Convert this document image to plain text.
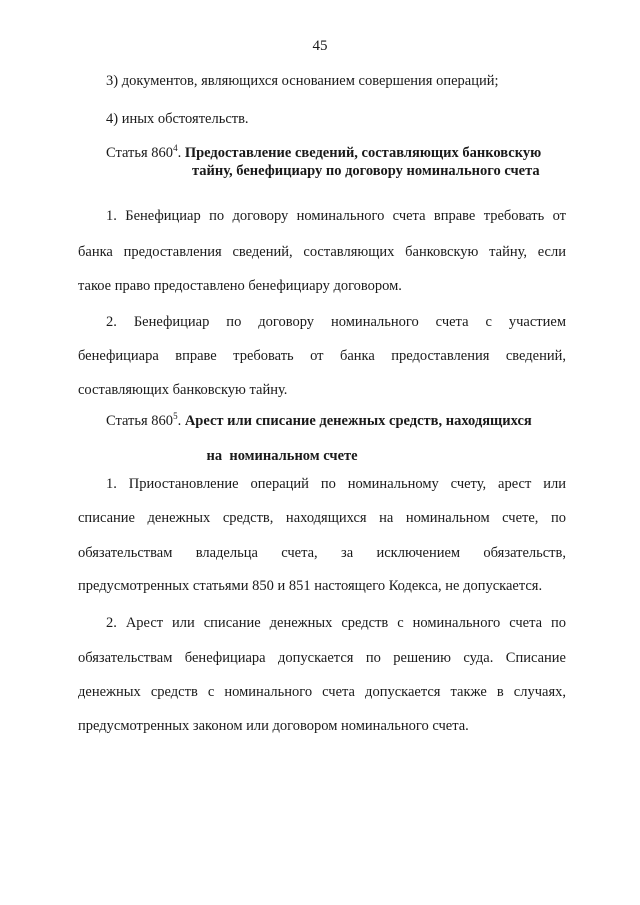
45
3) документов, являющихся основанием совершения операций;
4) иных обстоятельств.
Статья $860^4$. Предоставление сведений, составляющих банковскую
тайну, бенефициару по договору номинального счета
1. Бенефициар по договору номинального счета вправе требовать от
банка предоставления сведений, составляющих банковскую тайну, если
такое право предоставлено бенефициару договором.
2. Бенефициар по договору номинального счета с участием
бенефициара вправе требовать от банка предоставления сведений,
составляющих банковскую тайну.
Статья $860^5$. Арест или списание денежных средств, находящихся

на  номинальном счете

1. Приостановление операций по номинальному счету, арест или
списание денежных средств, находящихся на номинальном счете, по
обязательствам владельца счета, за исключением обязательств,
предусмотренных статьями 850 и 851 настоящего Кодекса, не допускается.
2. Арест или списание денежных средств с номинального счета по
обязательствам бенефициара допускается по решению суда. Списание
денежных средств с номинального счета допускается также в случаях,
предусмотренных законом или договором номинального счета.
